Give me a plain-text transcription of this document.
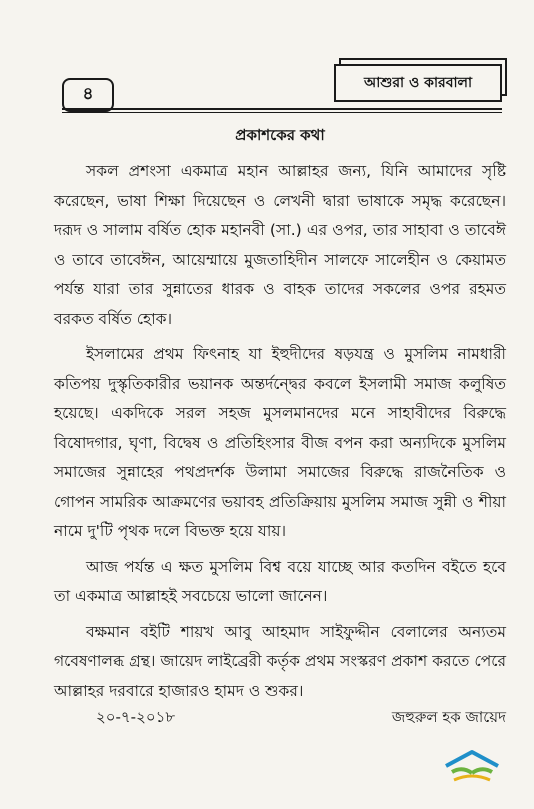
৪
আশুরা ও কারবালা
প্রকাশকের কথা

সকল প্রশংসা একমাত্র মহান আল্লাহর জন্য, যিনি আমাদের সৃষ্টি করেছেন, ভাষা শিক্ষা দিয়েছেন ও লেখনী দ্বারা ভাষাকে সমৃদ্ধ করেছেন। দরূদ ও সালাম বর্ষিত হোক মহানবী (সা.) এর ওপর, তার সাহাবা ও তাবেঈ ও তাবে তাবেঈন, আয়েম্মায়ে মুজতাহিদীন সালফে সালেহীন ও কেয়ামত পর্যন্ত যারা তার সুন্নাতের ধারক ও বাহক তাদের সকলের ওপর রহমত বরকত বর্ষিত হোক।

ইসলামের প্রথম ফিৎনাহ যা ইহুদীদের ষড়যন্ত্র ও মুসলিম নামধারী কতিপয় দুস্কৃতিকারীর ভয়ানক অন্তর্দন্দ্বের কবলে ইসলামী সমাজ কলুষিত হয়েছে। একদিকে সরল সহজ মুসলমানদের মনে সাহাবীদের বিরুদ্ধে বিষোদগার, ঘৃণা, বিদ্বেষ ও প্রতিহিংসার বীজ বপন করা অন্যদিকে মুসলিম সমাজের সুন্নাহের পথপ্রদর্শক উলামা সমাজের বিরুদ্ধে রাজনৈতিক ও গোপন সামরিক আক্রমণের ভয়াবহ প্রতিক্রিয়ায় মুসলিম সমাজ সুন্নী ও শীয়া নামে দু'টি পৃথক দলে বিভক্ত হয়ে যায়।

আজ পর্যন্ত এ ক্ষত মুসলিম বিশ্ব বয়ে যাচ্ছে আর কতদিন বইতে হবে তা একমাত্র আল্লাহই সবচেয়ে ভালো জানেন।

বক্ষমান বইটি শায়খ আবু আহমাদ সাইফুদ্দীন বেলালের অন্যতম গবেষণালব্ধ গ্রন্থ। জায়েদ লাইব্রেরী কর্তৃক প্রথম সংস্করণ প্রকাশ করতে পেরে আল্লাহর দরবারে হাজারও হামদ ও শুকর।

২০-৭-২০১৮	জহুরুল হক জায়েদ
